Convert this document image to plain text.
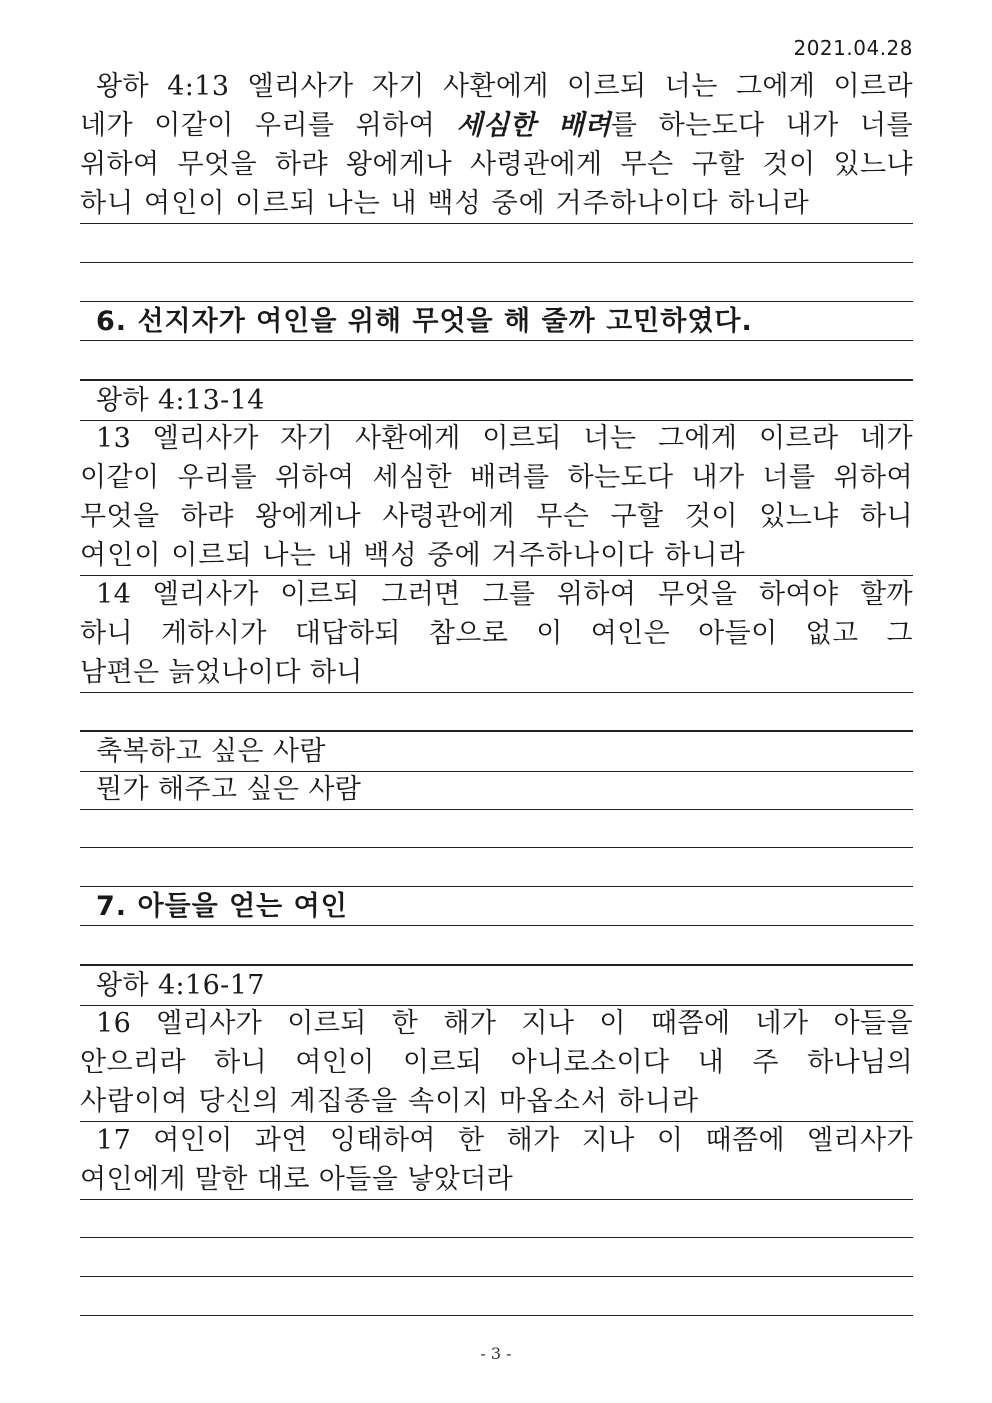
2021.04.28
왕하 4:13 엘리사가 자기 사환에게 이르되 너는 그에게 이르라
네가 이같이 우리를 위하여 세심한 배려를 하는도다 내가 너를
위하여 무엇을 하랴 왕에게나 사령관에게 무슨 구할 것이 있느냐
하니 여인이 이르되 나는 내 백성 중에 거주하나이다 하니라
6. 선지자가 여인을 위해 무엇을 해 줄까 고민하였다.
왕하 4:13-14
13 엘리사가 자기 사환에게 이르되 너는 그에게 이르라 네가
이같이 우리를 위하여 세심한 배려를 하는도다 내가 너를 위하여
무엇을 하랴 왕에게나 사령관에게 무슨 구할 것이 있느냐 하니
여인이 이르되 나는 내 백성 중에 거주하나이다 하니라
14 엘리사가 이르되 그러면 그를 위하여 무엇을 하여야 할까
하니 게하시가 대답하되 참으로 이 여인은 아들이 없고 그
남편은 늙었나이다 하니
축복하고 싶은 사람
뭔가 해주고 싶은 사람
7. 아들을 얻는 여인
왕하 4:16-17
16 엘리사가 이르되 한 해가 지나 이 때쯤에 네가 아들을
안으리라 하니 여인이 이르되 아니로소이다 내 주 하나님의
사람이여 당신의 계집종을 속이지 마옵소서 하니라
17 여인이 과연 잉태하여 한 해가 지나 이 때쯤에 엘리사가
여인에게 말한 대로 아들을 낳았더라
- 3 -
